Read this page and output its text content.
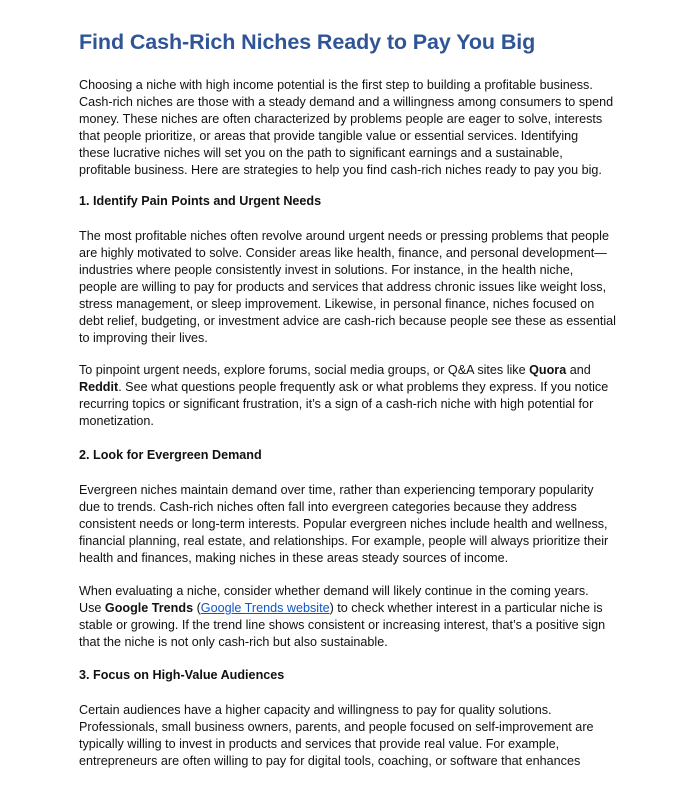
Find Cash-Rich Niches Ready to Pay You Big

Choosing a niche with high income potential is the first step to building a profitable business.
Cash-rich niches are those with a steady demand and a willingness among consumers to spend
money. These niches are often characterized by problems people are eager to solve, interests
that people prioritize, or areas that provide tangible value or essential services. Identifying
these lucrative niches will set you on the path to significant earnings and a sustainable,
profitable business. Here are strategies to help you find cash-rich niches ready to pay you big.

1. Identify Pain Points and Urgent Needs

The most profitable niches often revolve around urgent needs or pressing problems that people
are highly motivated to solve. Consider areas like health, finance, and personal development—
industries where people consistently invest in solutions. For instance, in the health niche,
people are willing to pay for products and services that address chronic issues like weight loss,
stress management, or sleep improvement. Likewise, in personal finance, niches focused on
debt relief, budgeting, or investment advice are cash-rich because people see these as essential
to improving their lives.

To pinpoint urgent needs, explore forums, social media groups, or Q&A sites like Quora and
Reddit. See what questions people frequently ask or what problems they express. If you notice
recurring topics or significant frustration, it’s a sign of a cash-rich niche with high potential for
monetization.

2. Look for Evergreen Demand

Evergreen niches maintain demand over time, rather than experiencing temporary popularity
due to trends. Cash-rich niches often fall into evergreen categories because they address
consistent needs or long-term interests. Popular evergreen niches include health and wellness,
financial planning, real estate, and relationships. For example, people will always prioritize their
health and finances, making niches in these areas steady sources of income.

When evaluating a niche, consider whether demand will likely continue in the coming years.
Use Google Trends (Google Trends website) to check whether interest in a particular niche is
stable or growing. If the trend line shows consistent or increasing interest, that’s a positive sign
that the niche is not only cash-rich but also sustainable.

3. Focus on High-Value Audiences

Certain audiences have a higher capacity and willingness to pay for quality solutions.
Professionals, small business owners, parents, and people focused on self-improvement are
typically willing to invest in products and services that provide real value. For example,
entrepreneurs are often willing to pay for digital tools, coaching, or software that enhances
